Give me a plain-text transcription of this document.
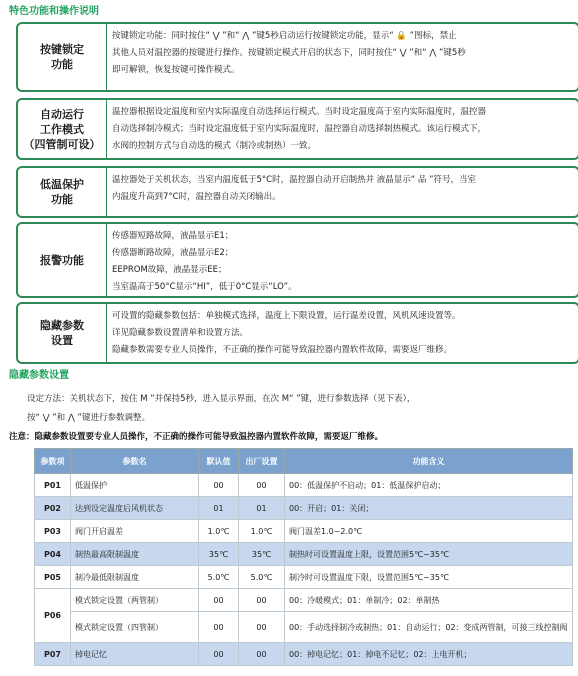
特色功能和操作说明
按键锁定
功能
按键锁定功能：同时按住“ ⋁ ”和“ ⋀ ”键5秒启动运行按键锁定功能，显示“ 🔒 ”图标，禁止
其他人员对温控器的按键进行操作。按键锁定模式开启的状态下，同时按住“ ⋁ ”和“ ⋀ ”键5秒
即可解锁，恢复按键可操作模式。
自动运行
工作模式
（四管制可设）
温控器根据设定温度和室内实际温度自动选择运行模式。当时设定温度高于室内实际温度时，温控器
自动选择制冷模式；当时设定温度低于室内实际温度时，温控器自动选择制热模式。该运行模式下，
水阀的控制方式与自动选的模式（制冷或制热）一致。
低温保护
功能
温控器处于关机状态，当室内温度低于5°C时，温控器自动开启制热并 液晶显示“ 品 ”符号，当室
内温度升高到7°C时，温控器自动关闭输出。
报警功能
传感器短路故障，液晶显示E1；
传感器断路故障，液晶显示E2；
EEPROM故障，液晶显示EE；
当室温高于50°C显示“HI”，低于0°C显示“LO”。
隐藏参数
设置
可设置的隐藏参数包括：单独模式选择，温度上下限设置，运行温差设置，风机风速设置等。
详见隐藏参数设置清单和设置方法。
隐藏参数需要专业人员操作，不正确的操作可能导致温控器内置软件故障，需要返厂维修。
隐藏参数设置
设定方法：关机状态下，按住 M ”并保持5秒，进入显示界面，在次 M“ ”键，进行参数选择（见下表），
按“ ⋁ ”和 ⋀ ”键进行参数调整。
注意：隐藏参数设置要专业人员操作，不正确的操作可能导致温控器内置软件故障，需要返厂维修。
参数项	参数名	默认值	出厂设置	功能含义
P01	低温保护	00	00	00：低温保护不启动；01：低温保护启动；
P02	达到设定温度后风机状态	01	01	00：开启；01：关闭；
P03	阀门开启温差	1.0℃	1.0℃	阀门温差1.0~2.0℃
P04	制热最高限制温度	35℃	35℃	制热时可设置温度上限，设置范围5℃~35℃
P05	制冷最低限制温度	5.0℃	5.0℃	制冷时可设置温度下限，设置范围5℃~35℃
P06	模式锁定设置（两管制）	00	00	00：冷暖模式；01：单制冷；02：单制热
	模式锁定设置（四管制）	00	00	00：手动选择制冷或制热；01：自动运行；02：变成两管制，可接三线控制阀
P07	掉电记忆	00	00	00：掉电记忆；01：掉电不记忆；02：上电开机；
